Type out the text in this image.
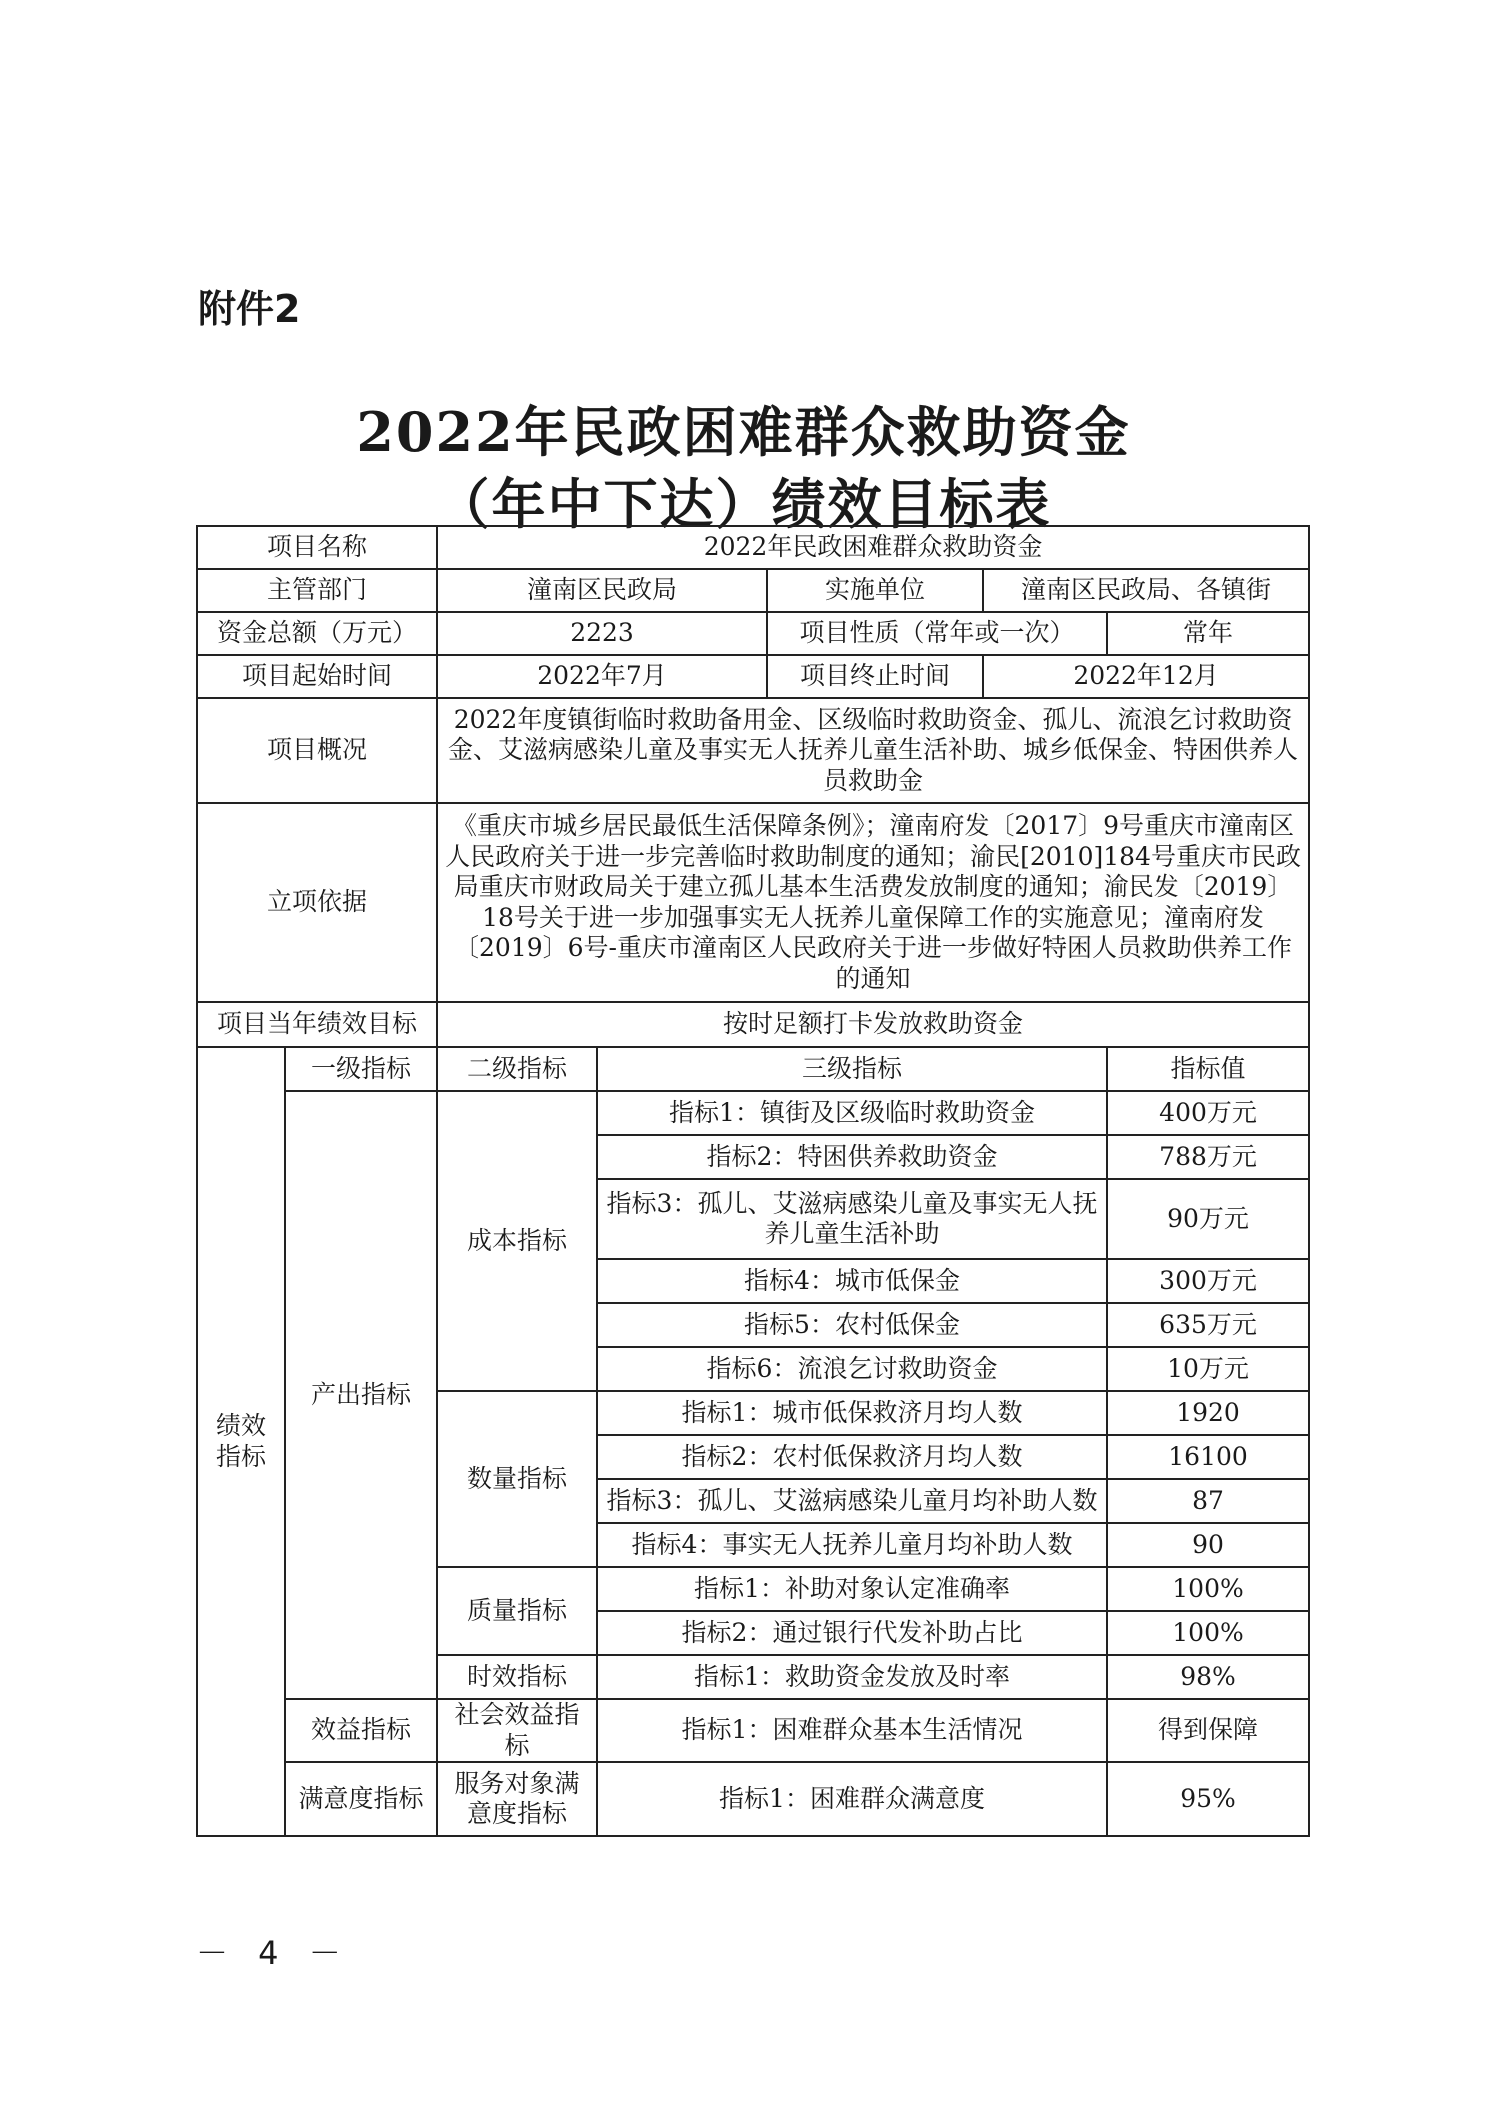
附件2
2022年民政困难群众救助资金
（年中下达）绩效目标表
项目名称		2022年民政困难群众救助资金				
主管部门		潼南区民政局		实施单位	潼南区民政局、各镇街	
资金总额（万元）		2223		项目性质（常年或一次）		常年
项目起始时间		2022年7月		项目终止时间	2022年12月	
项目概况		2022年度镇街临时救助备用金、区级临时救助资金、孤儿、流浪乞讨救助资金、艾滋病感染儿童及事实无人抚养儿童生活补助、城乡低保金、特困供养人员救助金				
立项依据		《重庆市城乡居民最低生活保障条例》；潼南府发〔2017〕9号重庆市潼南区人民政府关于进一步完善临时救助制度的通知；渝民[2010]184号重庆市民政局重庆市财政局关于建立孤儿基本生活费发放制度的通知；渝民发〔2019〕18号关于进一步加强事实无人抚养儿童保障工作的实施意见；潼南府发〔2019〕6号-重庆市潼南区人民政府关于进一步做好特困人员救助供养工作的通知				
项目当年绩效目标		按时足额打卡发放救助资金				
绩效指标	一级指标	二级指标	三级指标			指标值
	产出指标	成本指标	指标1：镇街及区级临时救助资金			400万元
			指标2：特困供养救助资金			788万元
			指标3：孤儿、艾滋病感染儿童及事实无人抚养儿童生活补助			90万元
			指标4：城市低保金			300万元
			指标5：农村低保金			635万元
			指标6：流浪乞讨救助资金			10万元
		数量指标	指标1：城市低保救济月均人数			1920
			指标2：农村低保救济月均人数			16100
			指标3：孤儿、艾滋病感染儿童月均补助人数			87
			指标4：事实无人抚养儿童月均补助人数			90
		质量指标	指标1：补助对象认定准确率			100%
			指标2：通过银行代发补助占比			100%
		时效指标	指标1：救助资金发放及时率			98%
	效益指标	社会效益指标	指标1：困难群众基本生活情况			得到保障
	满意度指标	服务对象满意度指标	指标1：困难群众满意度			95%
－ 4 －
